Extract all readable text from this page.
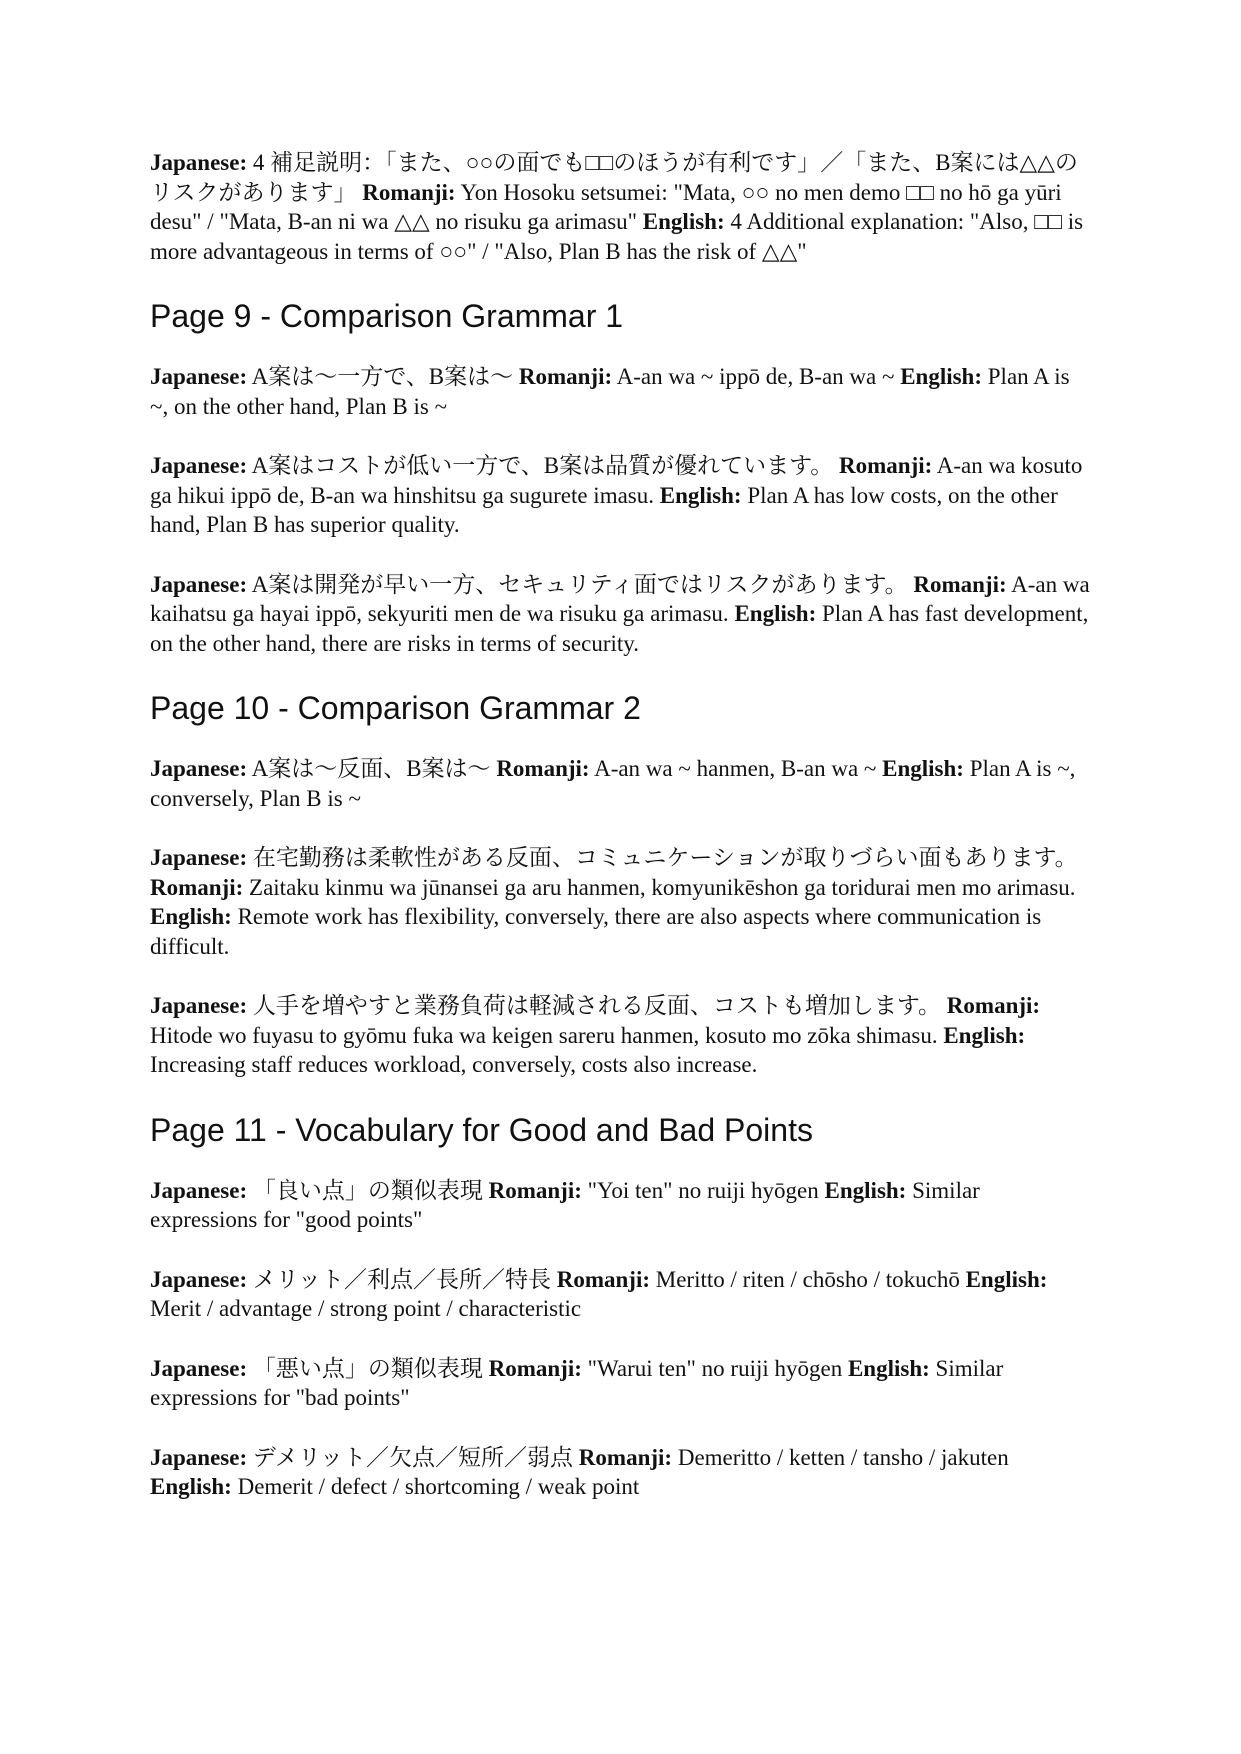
Japanese: 4 補足説明：「また、○○の面でも□□のほうが有利です」／「また、B案には△△のリスクがあります」 Romanji: Yon Hosoku setsumei: "Mata, ○○ no men demo □□ no hō ga yūri desu" / "Mata, B-an ni wa △△ no risuku ga arimasu" English: 4 Additional explanation: "Also, □□ is more advantageous in terms of ○○" / "Also, Plan B has the risk of △△"

Page 9 - Comparison Grammar 1

Japanese: A案は〜一方で、B案は〜 Romanji: A-an wa ~ ippō de, B-an wa ~ English: Plan A is ~, on the other hand, Plan B is ~

Japanese: A案はコストが低い一方で、B案は品質が優れています。 Romanji: A-an wa kosuto ga hikui ippō de, B-an wa hinshitsu ga sugurete imasu. English: Plan A has low costs, on the other hand, Plan B has superior quality.

Japanese: A案は開発が早い一方、セキュリティ面ではリスクがあります。 Romanji: A-an wa kaihatsu ga hayai ippō, sekyuriti men de wa risuku ga arimasu. English: Plan A has fast development, on the other hand, there are risks in terms of security.

Page 10 - Comparison Grammar 2

Japanese: A案は〜反面、B案は〜 Romanji: A-an wa ~ hanmen, B-an wa ~ English: Plan A is ~, conversely, Plan B is ~

Japanese: 在宅勤務は柔軟性がある反面、コミュニケーションが取りづらい面もあります。 Romanji: Zaitaku kinmu wa jūnansei ga aru hanmen, komyunikēshon ga toridurai men mo arimasu. English: Remote work has flexibility, conversely, there are also aspects where communication is difficult.

Japanese: 人手を増やすと業務負荷は軽減される反面、コストも増加します。 Romanji: Hitode wo fuyasu to gyōmu fuka wa keigen sareru hanmen, kosuto mo zōka shimasu. English: Increasing staff reduces workload, conversely, costs also increase.

Page 11 - Vocabulary for Good and Bad Points

Japanese: 「良い点」の類似表現 Romanji: "Yoi ten" no ruiji hyōgen English: Similar expressions for "good points"

Japanese: メリット／利点／長所／特長 Romanji: Meritto / riten / chōsho / tokuchō English: Merit / advantage / strong point / characteristic

Japanese: 「悪い点」の類似表現 Romanji: "Warui ten" no ruiji hyōgen English: Similar expressions for "bad points"

Japanese: デメリット／欠点／短所／弱点 Romanji: Demeritto / ketten / tansho / jakuten English: Demerit / defect / shortcoming / weak point
